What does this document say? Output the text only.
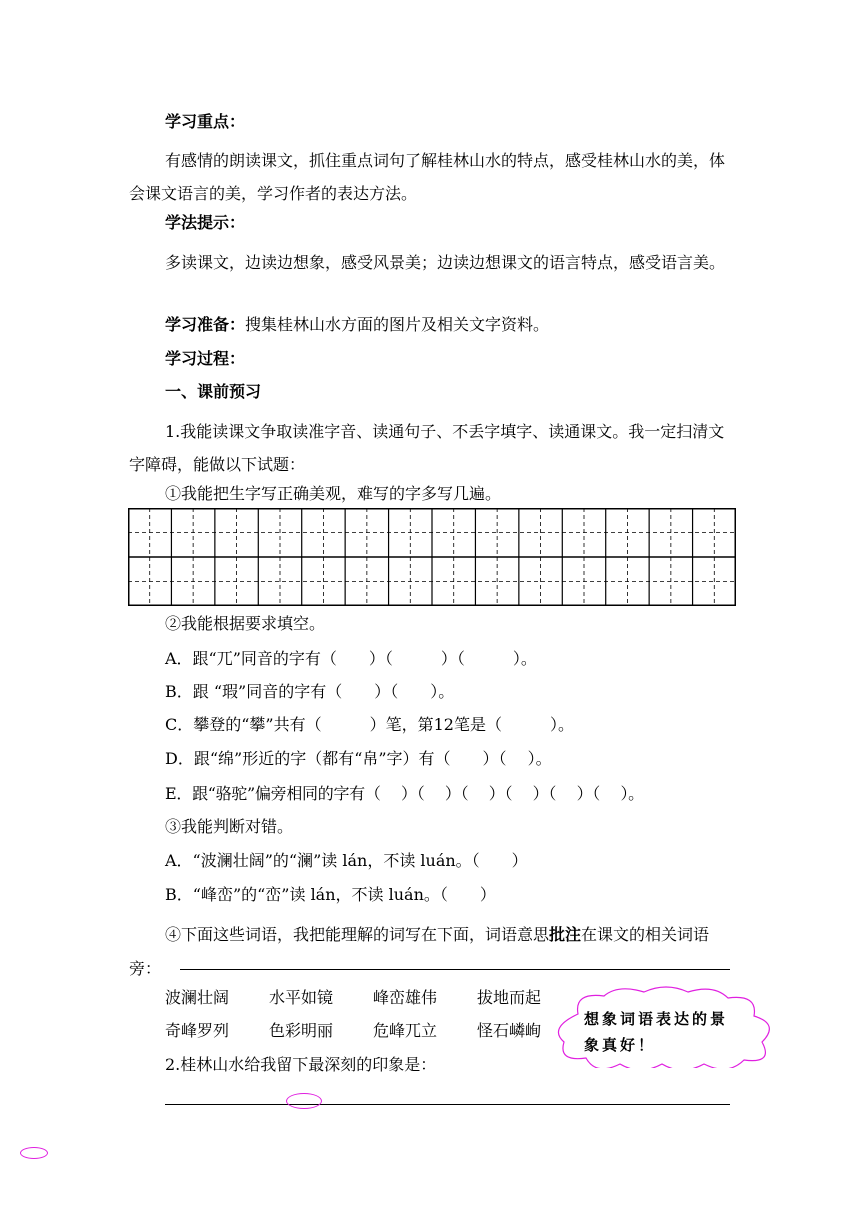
学习重点：
有感情的朗读课文，抓住重点词句了解桂林山水的特点，感受桂林山水的美，体会课文语言的美，学习作者的表达方法。
学法提示：
多读课文，边读边想象，感受风景美；边读边想课文的语言特点，感受语言美。
学习准备：搜集桂林山水方面的图片及相关文字资料。
学习过程：
一、课前预习
1.我能读课文争取读准字音、读通句子、不丢字填字、读通课文。我一定扫清文字障碍，能做以下试题：
①我能把生字写正确美观，难写的字多写几遍。
②我能根据要求填空。
A．跟“兀”同音的字有（　　）（　　　）（　　　）。
B．跟 “瑕”同音的字有（　　）（　　）。
C．攀登的“攀”共有（　　　）笔，第12笔是（　　　）。
D．跟“绵”形近的字（都有“帛”字）有（　　）（　 ）。
E．跟“骆驼”偏旁相同的字有（　 ）（　 ）（　 ）（　 ）（　 ）（　 ）。
③我能判断对错。
A．“波澜壮阔”的“澜”读 lán，不读 luán。（　　）
B．“峰峦”的“峦”读 lán，不读 luán。（　　）
④下面这些词语，我把能理解的词写在下面，词语意思批注在课文的相关词语旁：
波澜壮阔 水平如镜 峰峦雄伟 拔地而起
奇峰罗列 色彩明丽 危峰兀立 怪石嶙峋
想象词语表达的景象真好！
2.桂林山水给我留下最深刻的印象是：
